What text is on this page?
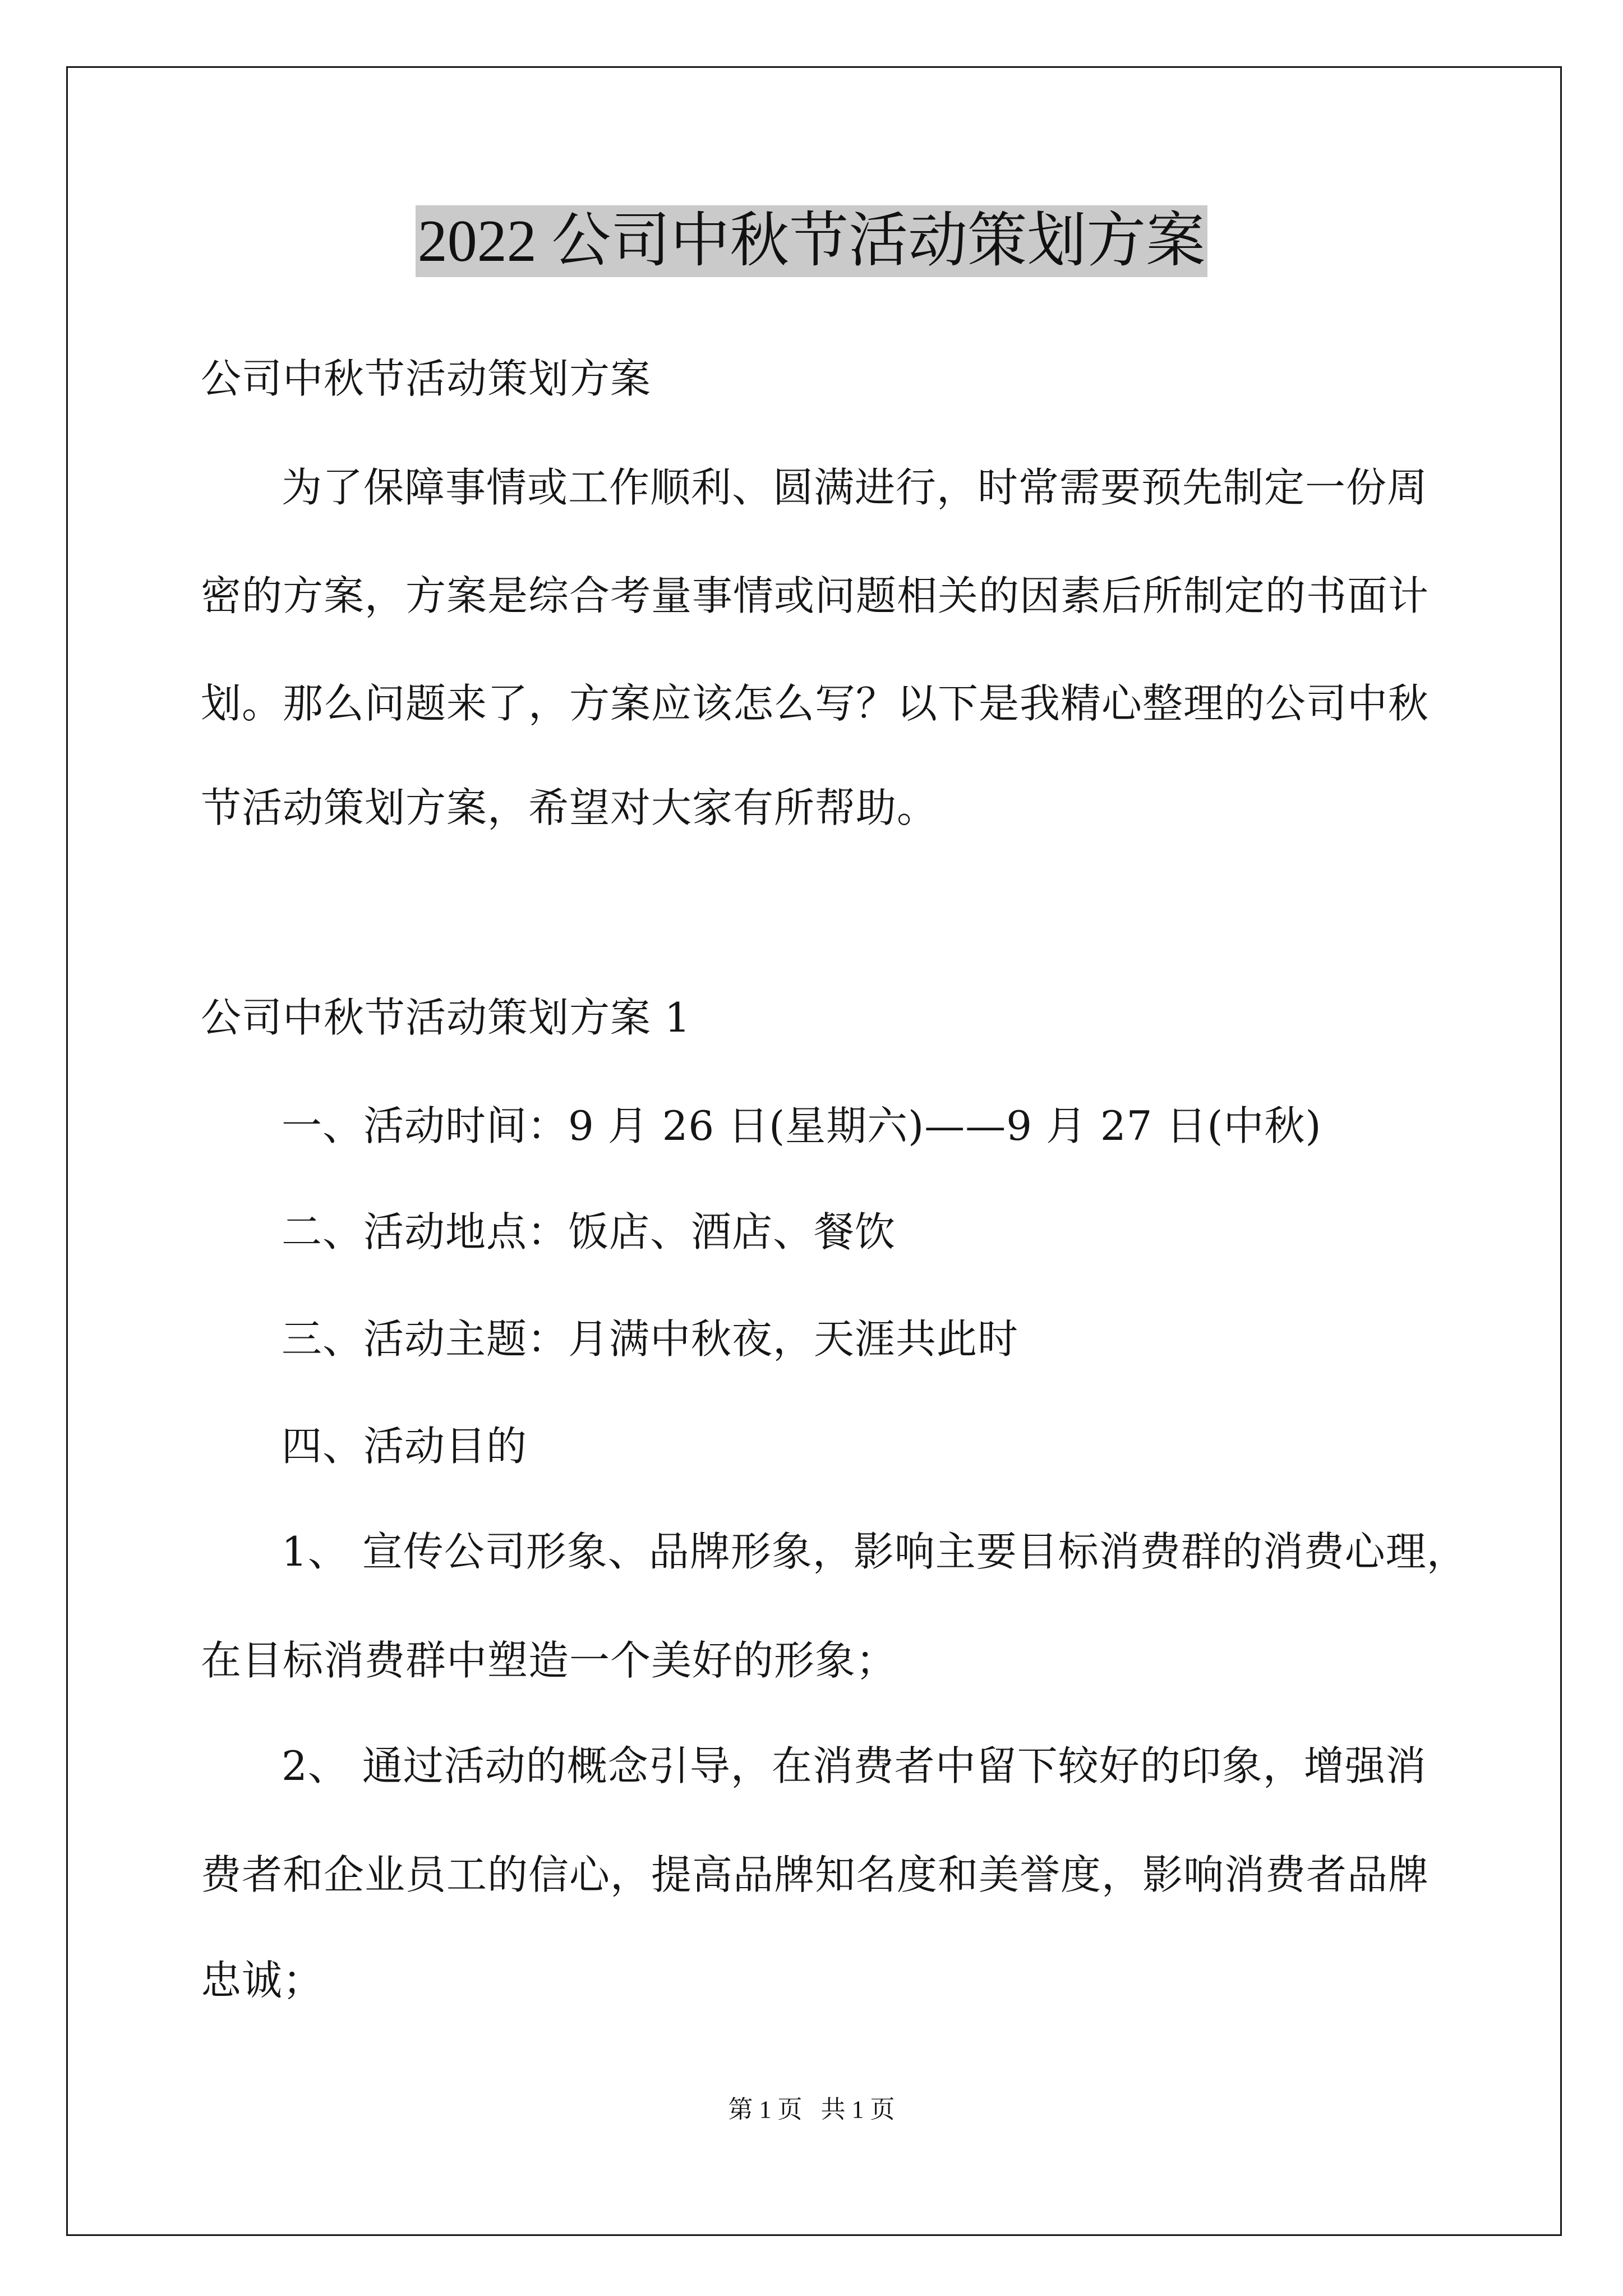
2022 公司中秋节活动策划方案
公司中秋节活动策划方案
为了保障事情或工作顺利、圆满进行，时常需要预先制定一份周
密的方案，方案是综合考量事情或问题相关的因素后所制定的书面计
划。那么问题来了，方案应该怎么写？以下是我精心整理的公司中秋
节活动策划方案，希望对大家有所帮助。
公司中秋节活动策划方案 1
一、活动时间：9 月 26 日(星期六)——9 月 27 日(中秋)
二、活动地点：饭店、酒店、餐饮
三、活动主题：月满中秋夜，天涯共此时
四、活动目的
1、 宣传公司形象、品牌形象，影响主要目标消费群的消费心理，
在目标消费群中塑造一个美好的形象；
2、 通过活动的概念引导，在消费者中留下较好的印象，增强消
费者和企业员工的信心，提高品牌知名度和美誉度，影响消费者品牌
忠诚；
第 1 页   共 1 页
